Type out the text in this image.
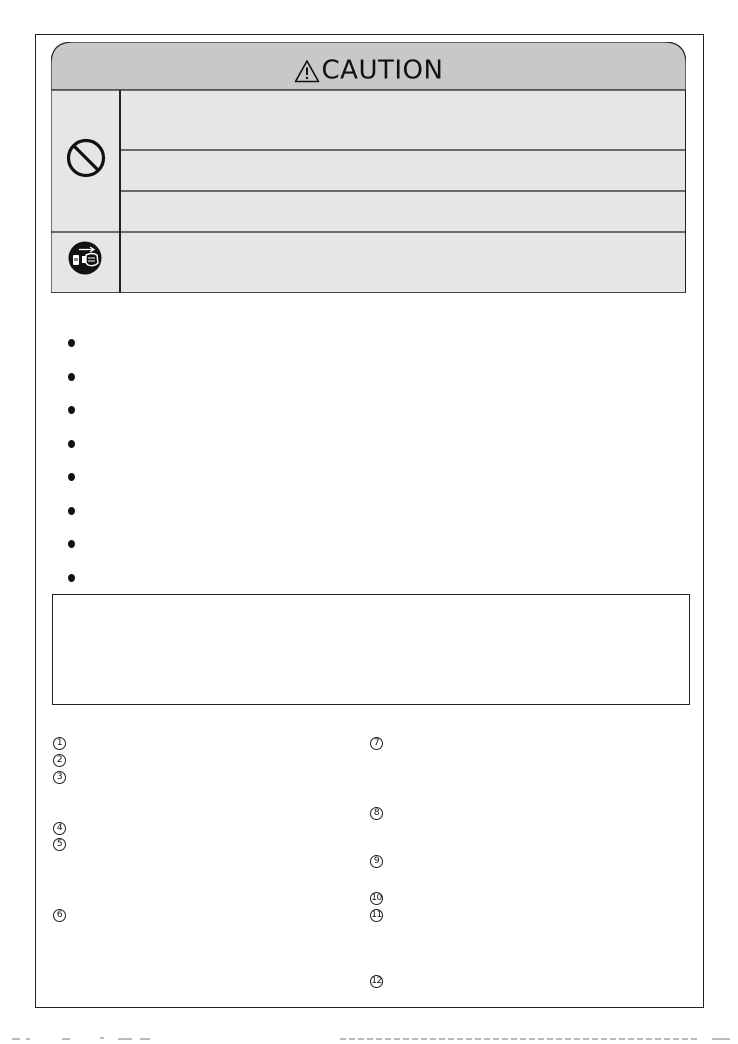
CAUTION
1
2
3
4
5
6
7
8
9
10
11
12
